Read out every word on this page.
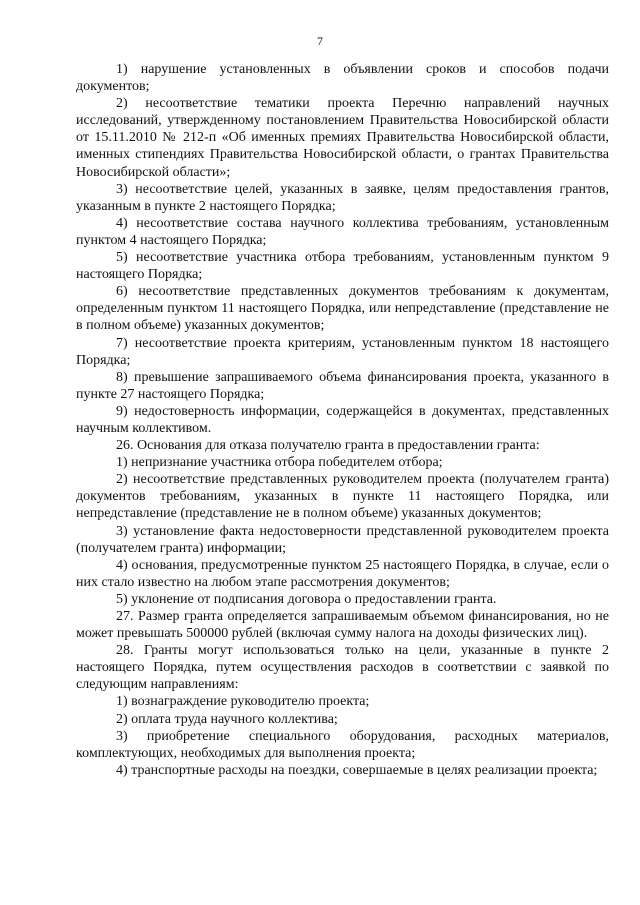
7

1) нарушение установленных в объявлении сроков и способов подачи документов;

2) несоответствие тематики проекта Перечню направлений научных исследований, утвержденному постановлением Правительства Новосибирской области от 15.11.2010 № 212-п «Об именных премиях Правительства Новосибирской области, именных стипендиях Правительства Новосибирской области, о грантах Правительства Новосибирской области»;

3) несоответствие целей, указанных в заявке, целям предоставления грантов, указанным в пункте 2 настоящего Порядка;

4) несоответствие состава научного коллектива требованиям, установленным пунктом 4 настоящего Порядка;

5) несоответствие участника отбора требованиям, установленным пунктом 9 настоящего Порядка;

6) несоответствие представленных документов требованиям к документам, определенным пунктом 11 настоящего Порядка, или непредставление (представление не в полном объеме) указанных документов;

7) несоответствие проекта критериям, установленным пунктом 18 настоящего Порядка;

8) превышение запрашиваемого объема финансирования проекта, указанного в пункте 27 настоящего Порядка;

9) недостоверность информации, содержащейся в документах, представленных научным коллективом.

26. Основания для отказа получателю гранта в предоставлении гранта:

1) непризнание участника отбора победителем отбора;

2) несоответствие представленных руководителем проекта (получателем гранта) документов требованиям, указанных в пункте 11 настоящего Порядка, или непредставление (представление не в полном объеме) указанных документов;

3) установление факта недостоверности представленной руководителем проекта (получателем гранта) информации;

4) основания, предусмотренные пунктом 25 настоящего Порядка, в случае, если о них стало известно на любом этапе рассмотрения документов;

5) уклонение от подписания договора о предоставлении гранта.

27. Размер гранта определяется запрашиваемым объемом финансирования, но не может превышать 500000 рублей (включая сумму налога на доходы физических лиц).

28. Гранты могут использоваться только на цели, указанные в пункте 2 настоящего Порядка, путем осуществления расходов в соответствии с заявкой по следующим направлениям:

1) вознаграждение руководителю проекта;

2) оплата труда научного коллектива;

3) приобретение специального оборудования, расходных материалов, комплектующих, необходимых для выполнения проекта;

4) транспортные расходы на поездки, совершаемые в целях реализации проекта;
